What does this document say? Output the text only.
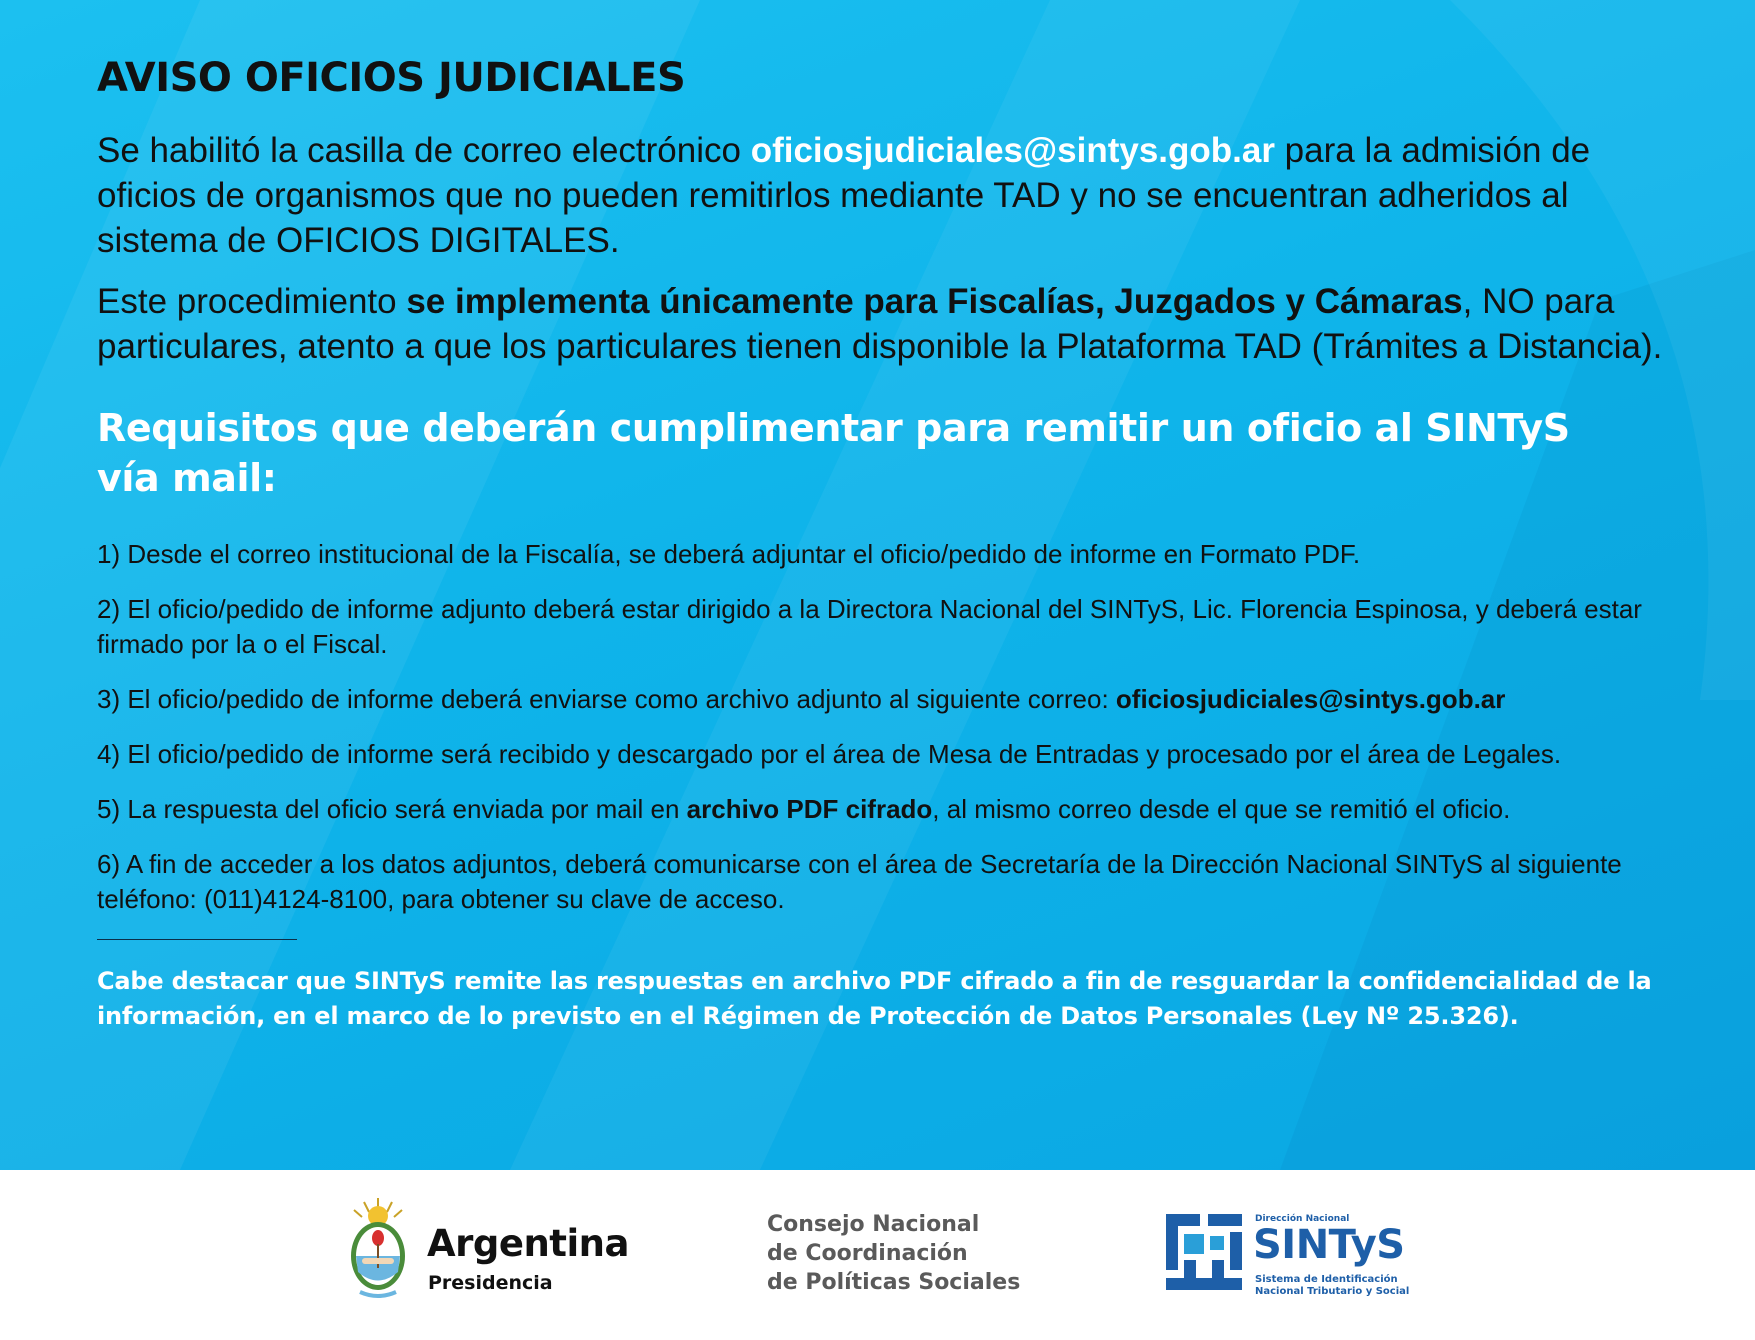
AVISO OFICIOS JUDICIALES

Se habilitó la casilla de correo electrónico oficiosjudiciales@sintys.gob.ar para la admisión de oficios de organismos que no pueden remitirlos mediante TAD y no se encuentran adheridos al sistema de OFICIOS DIGITALES.

Este procedimiento se implementa únicamente para Fiscalías, Juzgados y Cámaras, NO para particulares, atento a que los particulares tienen disponible la Plataforma TAD (Trámites a Distancia).

Requisitos que deberán cumplimentar para remitir un oficio al SINTyS vía mail:

1) Desde el correo institucional de la Fiscalía, se deberá adjuntar el oficio/pedido de informe en Formato PDF.

2) El oficio/pedido de informe adjunto deberá estar dirigido a la Directora Nacional del SINTyS, Lic. Florencia Espinosa, y deberá estar firmado por la o el Fiscal.

3) El oficio/pedido de informe deberá enviarse como archivo adjunto al siguiente correo: oficiosjudiciales@sintys.gob.ar

4) El oficio/pedido de informe será recibido y descargado por el área de Mesa de Entradas y procesado por el área de Legales.

5) La respuesta del oficio será enviada por mail en archivo PDF cifrado, al mismo correo desde el que se remitió el oficio.

6) A fin de acceder a los datos adjuntos, deberá comunicarse con el área de Secretaría de la Dirección Nacional SINTyS al siguiente teléfono: (011)4124-8100, para obtener su clave de acceso.

Cabe destacar que SINTyS remite las respuestas en archivo PDF cifrado a fin de resguardar la confidencialidad de la información, en el marco de lo previsto en el Régimen de Protección de Datos Personales (Ley Nº 25.326).

Argentina
Presidencia
Consejo Nacional
de Coordinación
de Políticas Sociales
Dirección Nacional
SINTyS
Sistema de Identificación
Nacional Tributario y Social
